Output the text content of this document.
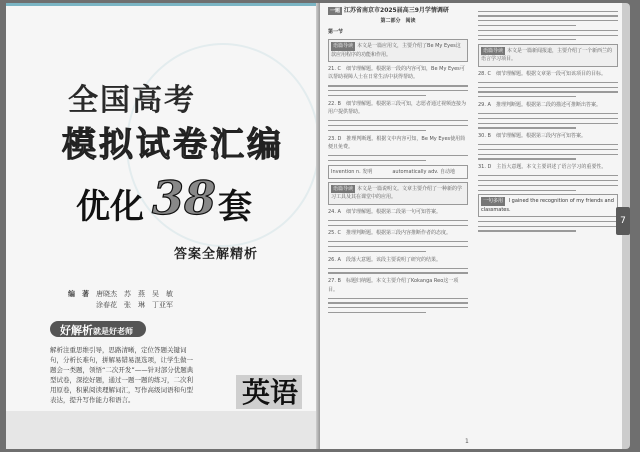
全国高考
模拟试卷汇编
优化 38 套
答案全解精析
编　著　 唐晓杰　苏　燕　吴　敏
涂春花　张　琳　丁亚军
好解析就是好老师
解析注重思维引导，思路清晰，定位答题关键词句，分析长难句，拼解易错易混选项，让学生做一题会一类题，领悟“二次开发”——针对部分优题典型试卷，深挖好题，通过一题一题的练习，二次利用原卷，积累阅读理解词汇，写作高级词语和句型表达，提升写作能力和语言。	英语
一题 江苏省南京市2025届高三9月学情调研
第二部分　阅读
第一节
语篇导读 本文是一篇应用文，主要介绍了Be My Eyes这款应用程序的功能和作用。

21. C　细节理解题。根据第一段的内容可知，Be My Eyes可以帮助视障人士在日常生活中获得帮助。

22. B　细节理解题。根据第三段可知，志愿者通过视频连接为用户提供帮助。

23. D　推理判断题。根据文中内容可知，Be My Eyes使用简便且免费。

Invention n. 发明　　　　automatically adv. 自动地
语篇导读 本文是一篇说明文。文章主要介绍了一种新的学习工具及其在课堂中的应用。

24. A　细节理解题。根据第二段第一句可知答案。

25. C　推理判断题。根据第三段内容推断作者的态度。

26. A　段落大意题。该段主要说明了研究的结果。

27. B　标题归纳题。本文主要介绍了Kokanga Reo这一项目。

语篇导读 本文是一篇新闻报道，主要介绍了一个新西兰的语言学习项目。

28. C　细节理解题。根据文章第一段可知该项目的目标。

29. A　推理判断题。根据第二段的描述可推断出答案。

30. B　细节理解题。根据第三段内容可知答案。

31. D　主旨大意题。本文主要讲述了语言学习的重要性。

一句多用 I gained the recognition of my friends and classmates.
1
7
